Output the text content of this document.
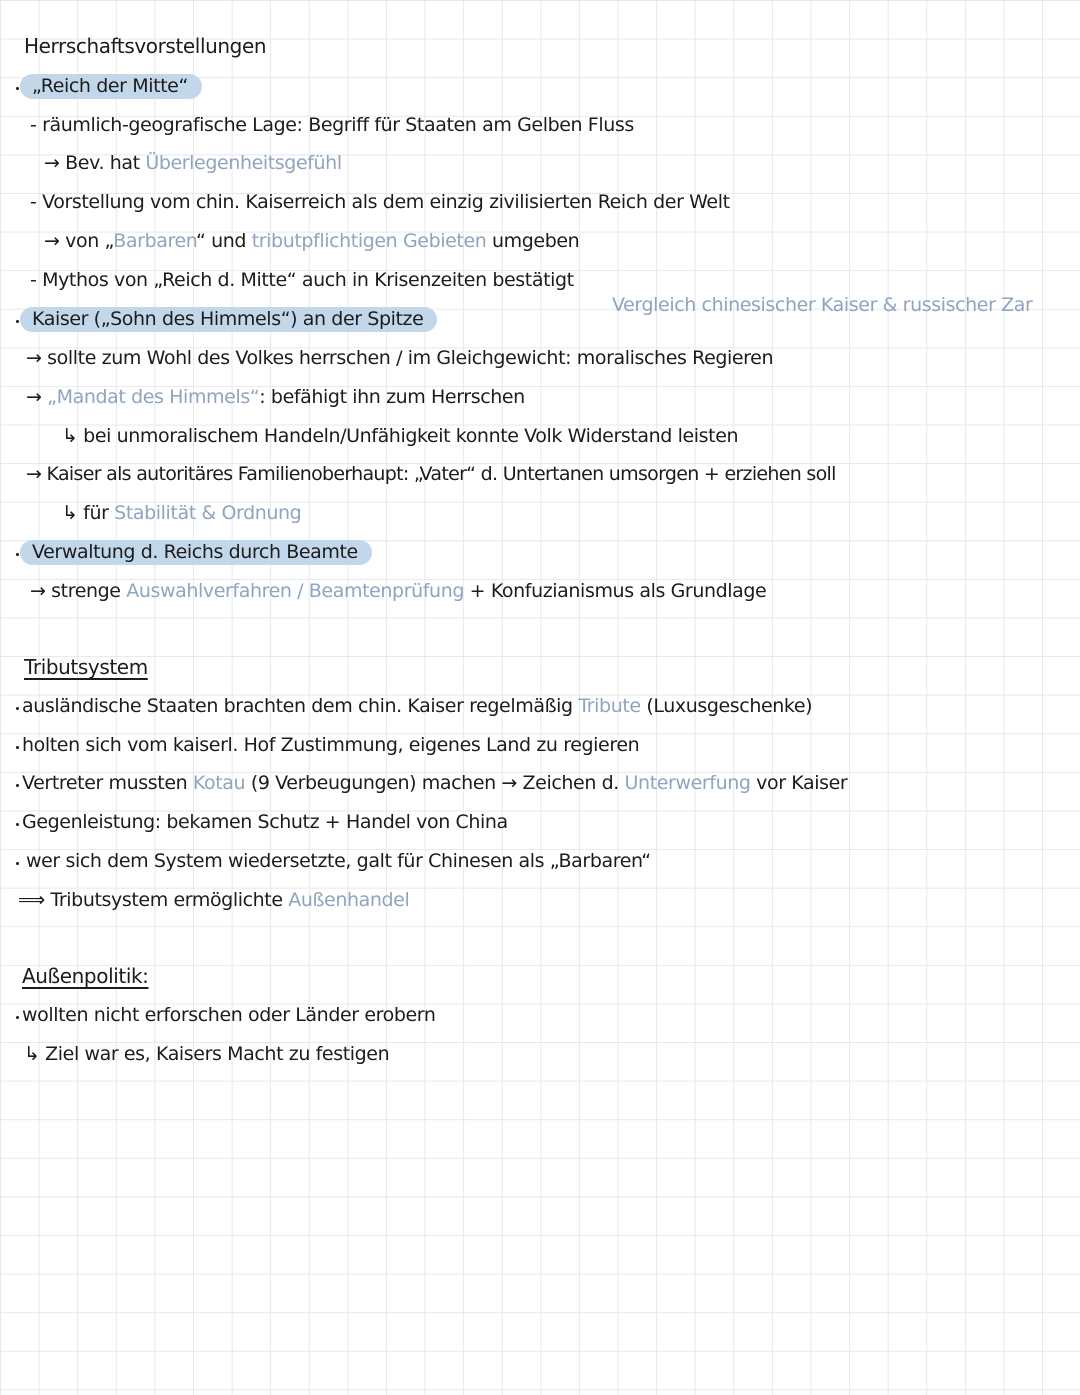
Herrschaftsvorstellungen
„Reich der Mitte“
- räumlich-geografische Lage: Begriff für Staaten am Gelben Fluss
→ Bev. hat Überlegenheitsgefühl
- Vorstellung vom chin. Kaiserreich als dem einzig zivilisierten Reich der Welt
→ von „Barbaren“ und tributpflichtigen Gebieten umgeben
- Mythos von „Reich d. Mitte“ auch in Krisenzeiten bestätigt
Vergleich chinesischer Kaiser & russischer Zar
Kaiser („Sohn des Himmels“) an der Spitze
→ sollte zum Wohl des Volkes herrschen / im Gleichgewicht: moralisches Regieren
→ „Mandat des Himmels“: befähigt ihn zum Herrschen
↳ bei unmoralischem Handeln/Unfähigkeit konnte Volk Widerstand leisten
→ Kaiser als autoritäres Familienoberhaupt: „Vater“ d. Untertanen umsorgen + erziehen soll
↳ für Stabilität & Ordnung
Verwaltung d. Reichs durch Beamte
→ strenge Auswahlverfahren / Beamtenprüfung + Konfuzianismus als Grundlage
Tributsystem
ausländische Staaten brachten dem chin. Kaiser regelmäßig Tribute (Luxusgeschenke)
holten sich vom kaiserl. Hof Zustimmung, eigenes Land zu regieren
Vertreter mussten Kotau (9 Verbeugungen) machen → Zeichen d. Unterwerfung vor Kaiser
Gegenleistung: bekamen Schutz + Handel von China
wer sich dem System wiedersetzte, galt für Chinesen als „Barbaren“
⟹ Tributsystem ermöglichte Außenhandel
Außenpolitik:
wollten nicht erforschen oder Länder erobern
↳ Ziel war es, Kaisers Macht zu festigen
